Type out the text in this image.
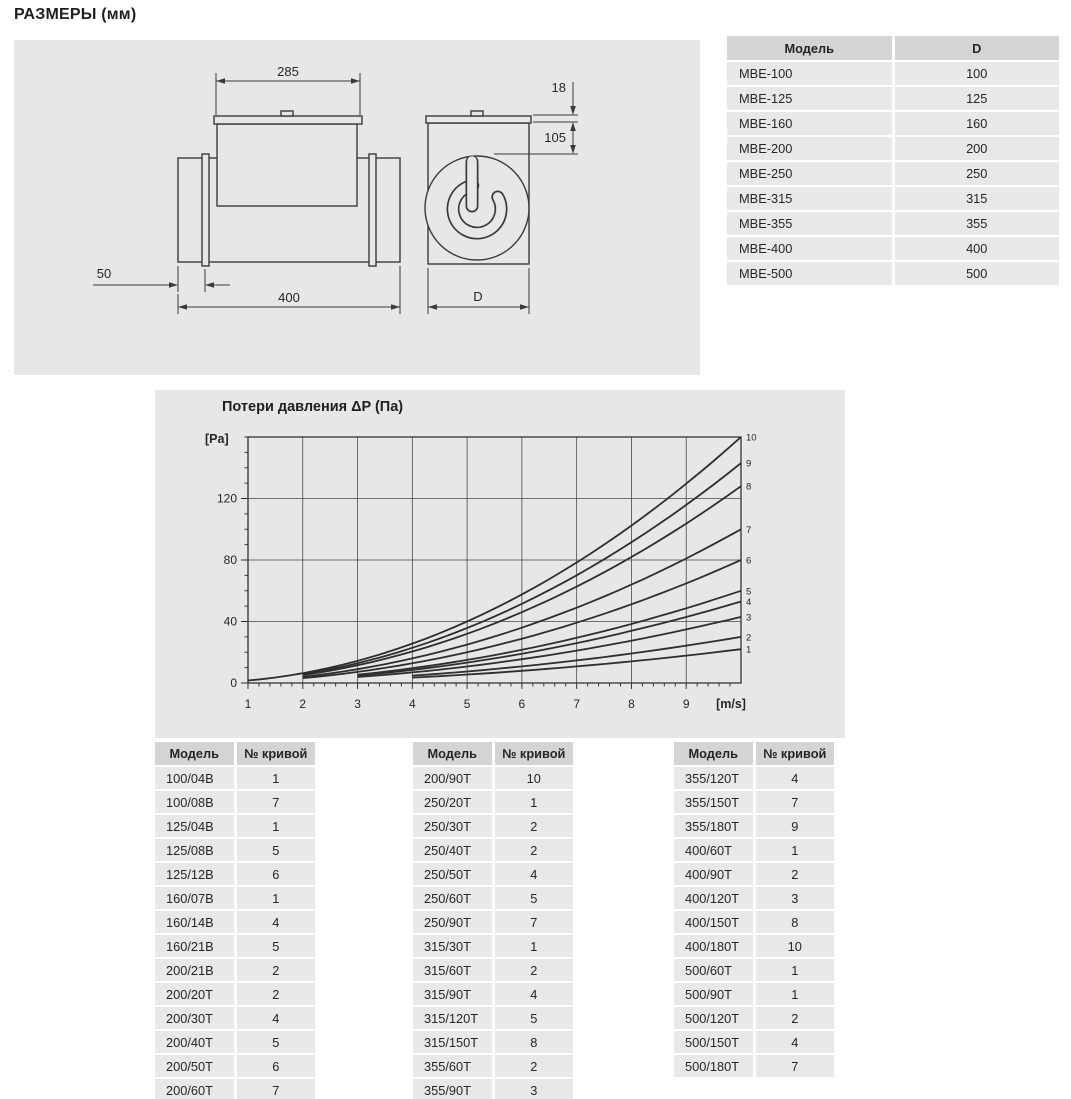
РАЗМЕРЫ (мм)
285
50
400
18
105
D
Модель	D
МВЕ-100	100
МВЕ-125	125
МВЕ-160	160
МВЕ-200	200
МВЕ-250	250
МВЕ-315	315
МВЕ-355	355
МВЕ-400	400
МВЕ-500	500
Потери давления ΔP (Па)
1	2	3	4	5	6	7	8	9
0
40
80
120
1
2
3
4
5
6
7
8
9
10
[Pa]
[m/s]
Модель	№ кривой
100/04В	1
100/08В	7
125/04В	1
125/08В	5
125/12В	6
160/07В	1
160/14В	4
160/21В	5
200/21В	2
200/20Т	2
200/30Т	4
200/40Т	5
200/50Т	6
200/60Т	7
Модель	№ кривой
200/90Т	10
250/20Т	1
250/30Т	2
250/40Т	2
250/50Т	4
250/60Т	5
250/90Т	7
315/30Т	1
315/60Т	2
315/90Т	4
315/120Т	5
315/150Т	8
355/60Т	2
355/90Т	3
Модель	№ кривой
355/120Т	4
355/150Т	7
355/180Т	9
400/60Т	1
400/90Т	2
400/120Т	3
400/150Т	8
400/180Т	10
500/60Т	1
500/90Т	1
500/120Т	2
500/150Т	4
500/180Т	7
